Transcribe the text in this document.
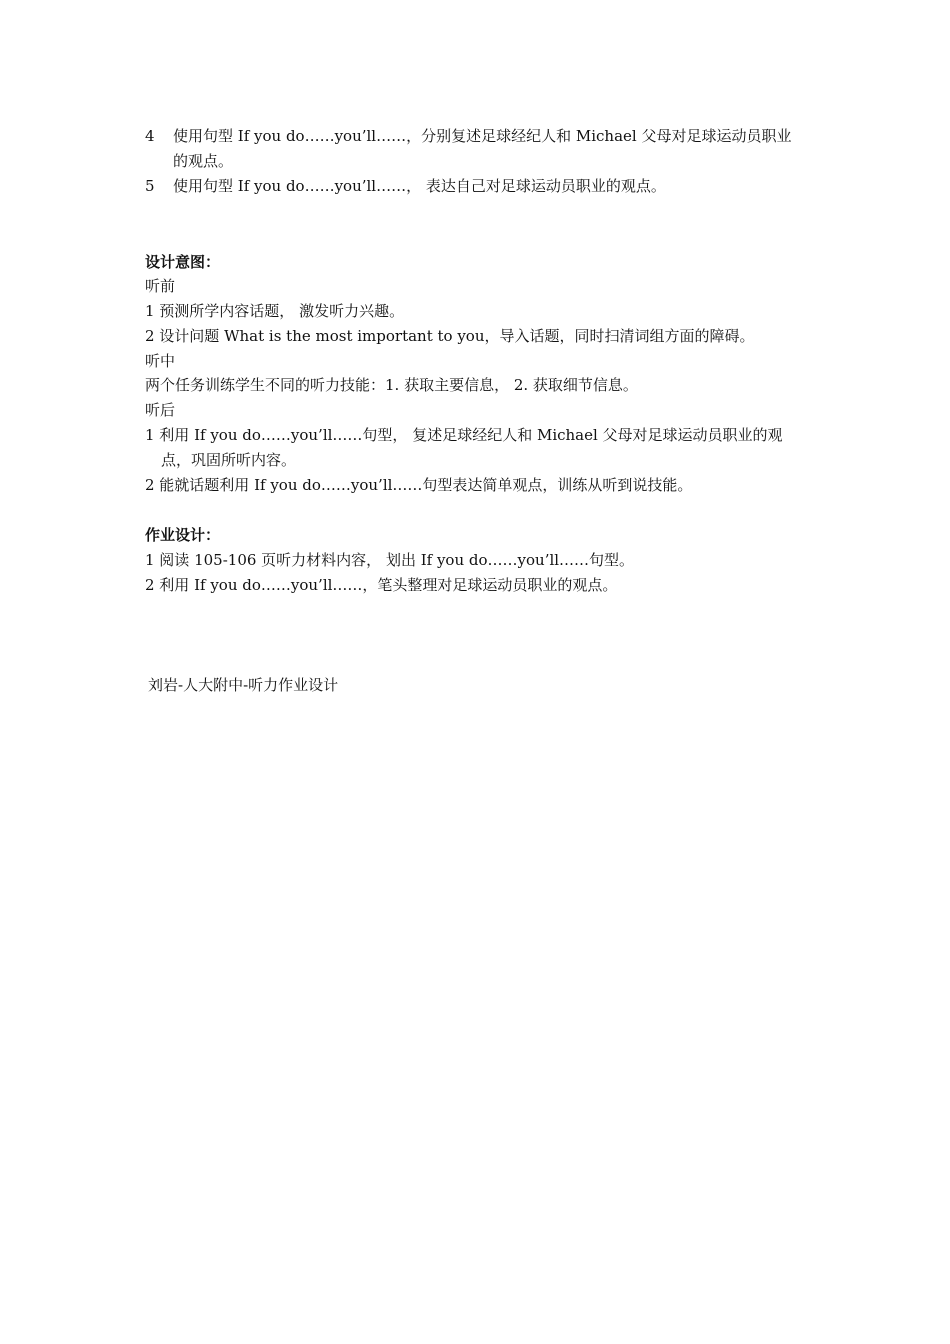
4 使用句型 If you do……you’ll……，分别复述足球经纪人和 Michael 父母对足球运动员职业
的观点。
5 使用句型 If you do……you’ll……， 表达自己对足球运动员职业的观点。
设计意图：
听前
1 预测所学内容话题， 激发听力兴趣。
2 设计问题 What is the most important to you，导入话题，同时扫清词组方面的障碍。
听中
两个任务训练学生不同的听力技能：1. 获取主要信息， 2. 获取细节信息。
听后
1 利用 If you do……you’ll……句型， 复述足球经纪人和 Michael 父母对足球运动员职业的观
点，巩固所听内容。
2 能就话题利用 If you do……you’ll……句型表达简单观点，训练从听到说技能。
作业设计：
1 阅读 105-106 页听力材料内容， 划出 If you do……you’ll……句型。
2 利用 If you do……you’ll……，笔头整理对足球运动员职业的观点。
刘岩-人大附中-听力作业设计
